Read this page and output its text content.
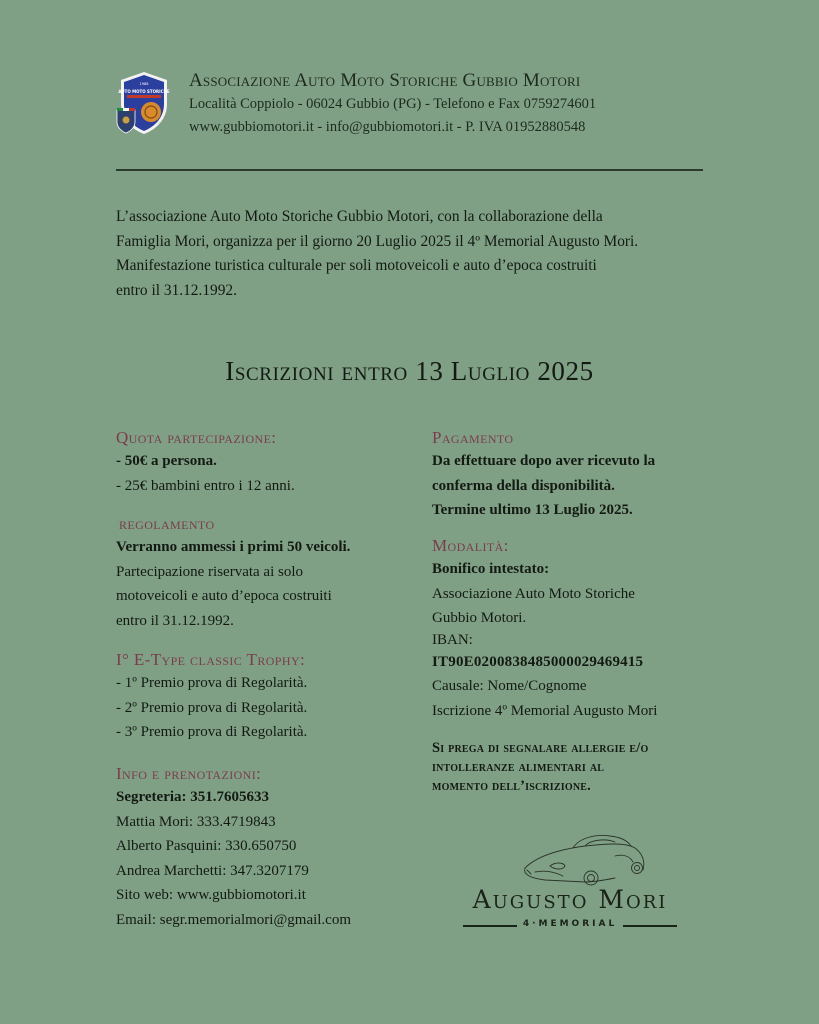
1988
AUTO MOTO STORICHE
Associazione Auto Moto Storiche Gubbio Motori
Località Coppiolo - 06024 Gubbio (PG) - Telefono e Fax 0759274601
www.gubbiomotori.it - info@gubbiomotori.it - P. IVA 01952880548

L’associazione Auto Moto Storiche Gubbio Motori, con la collaborazione della

Famiglia Mori, organizza per il giorno 20 Luglio 2025 il 4º Memorial Augusto Mori.

Manifestazione turistica culturale per soli motoveicoli e auto d’epoca costruiti

entro il 31.12.1992.

Iscrizioni entro 13 Luglio 2025
Quota partecipazione:
- 50€ a persona.
- 25€ bambini entro i 12 anni.
regolamento
Verranno ammessi i primi 50 veicoli.
Partecipazione riservata ai solo
motoveicoli e auto d’epoca costruiti
entro il 31.12.1992.
I° E-Type classic Trophy:
- 1º Premio prova di Regolarità.
- 2º Premio prova di Regolarità.
- 3º Premio prova di Regolarità.
Info e prenotazioni:
Segreteria: 351.7605633
Mattia Mori: 333.4719843
Alberto Pasquini: 330.650750
Andrea Marchetti: 347.3207179
Sito web: www.gubbiomotori.it
Email: segr.memorialmori@gmail.com
Pagamento
Da effettuare dopo aver ricevuto la
conferma della disponibilità.
Termine ultimo 13 Luglio 2025.
Modalità:
Bonifico intestato:
Associazione Auto Moto Storiche
Gubbio Motori.
IBAN:
IT90E0200838485000029469415
Causale: Nome/Cognome
Iscrizione 4º Memorial Augusto Mori

Si prega di segnalare allergie e/o

intolleranze alimentari al

momento dell’iscrizione.

Augusto Mori
4·MEMORIAL
